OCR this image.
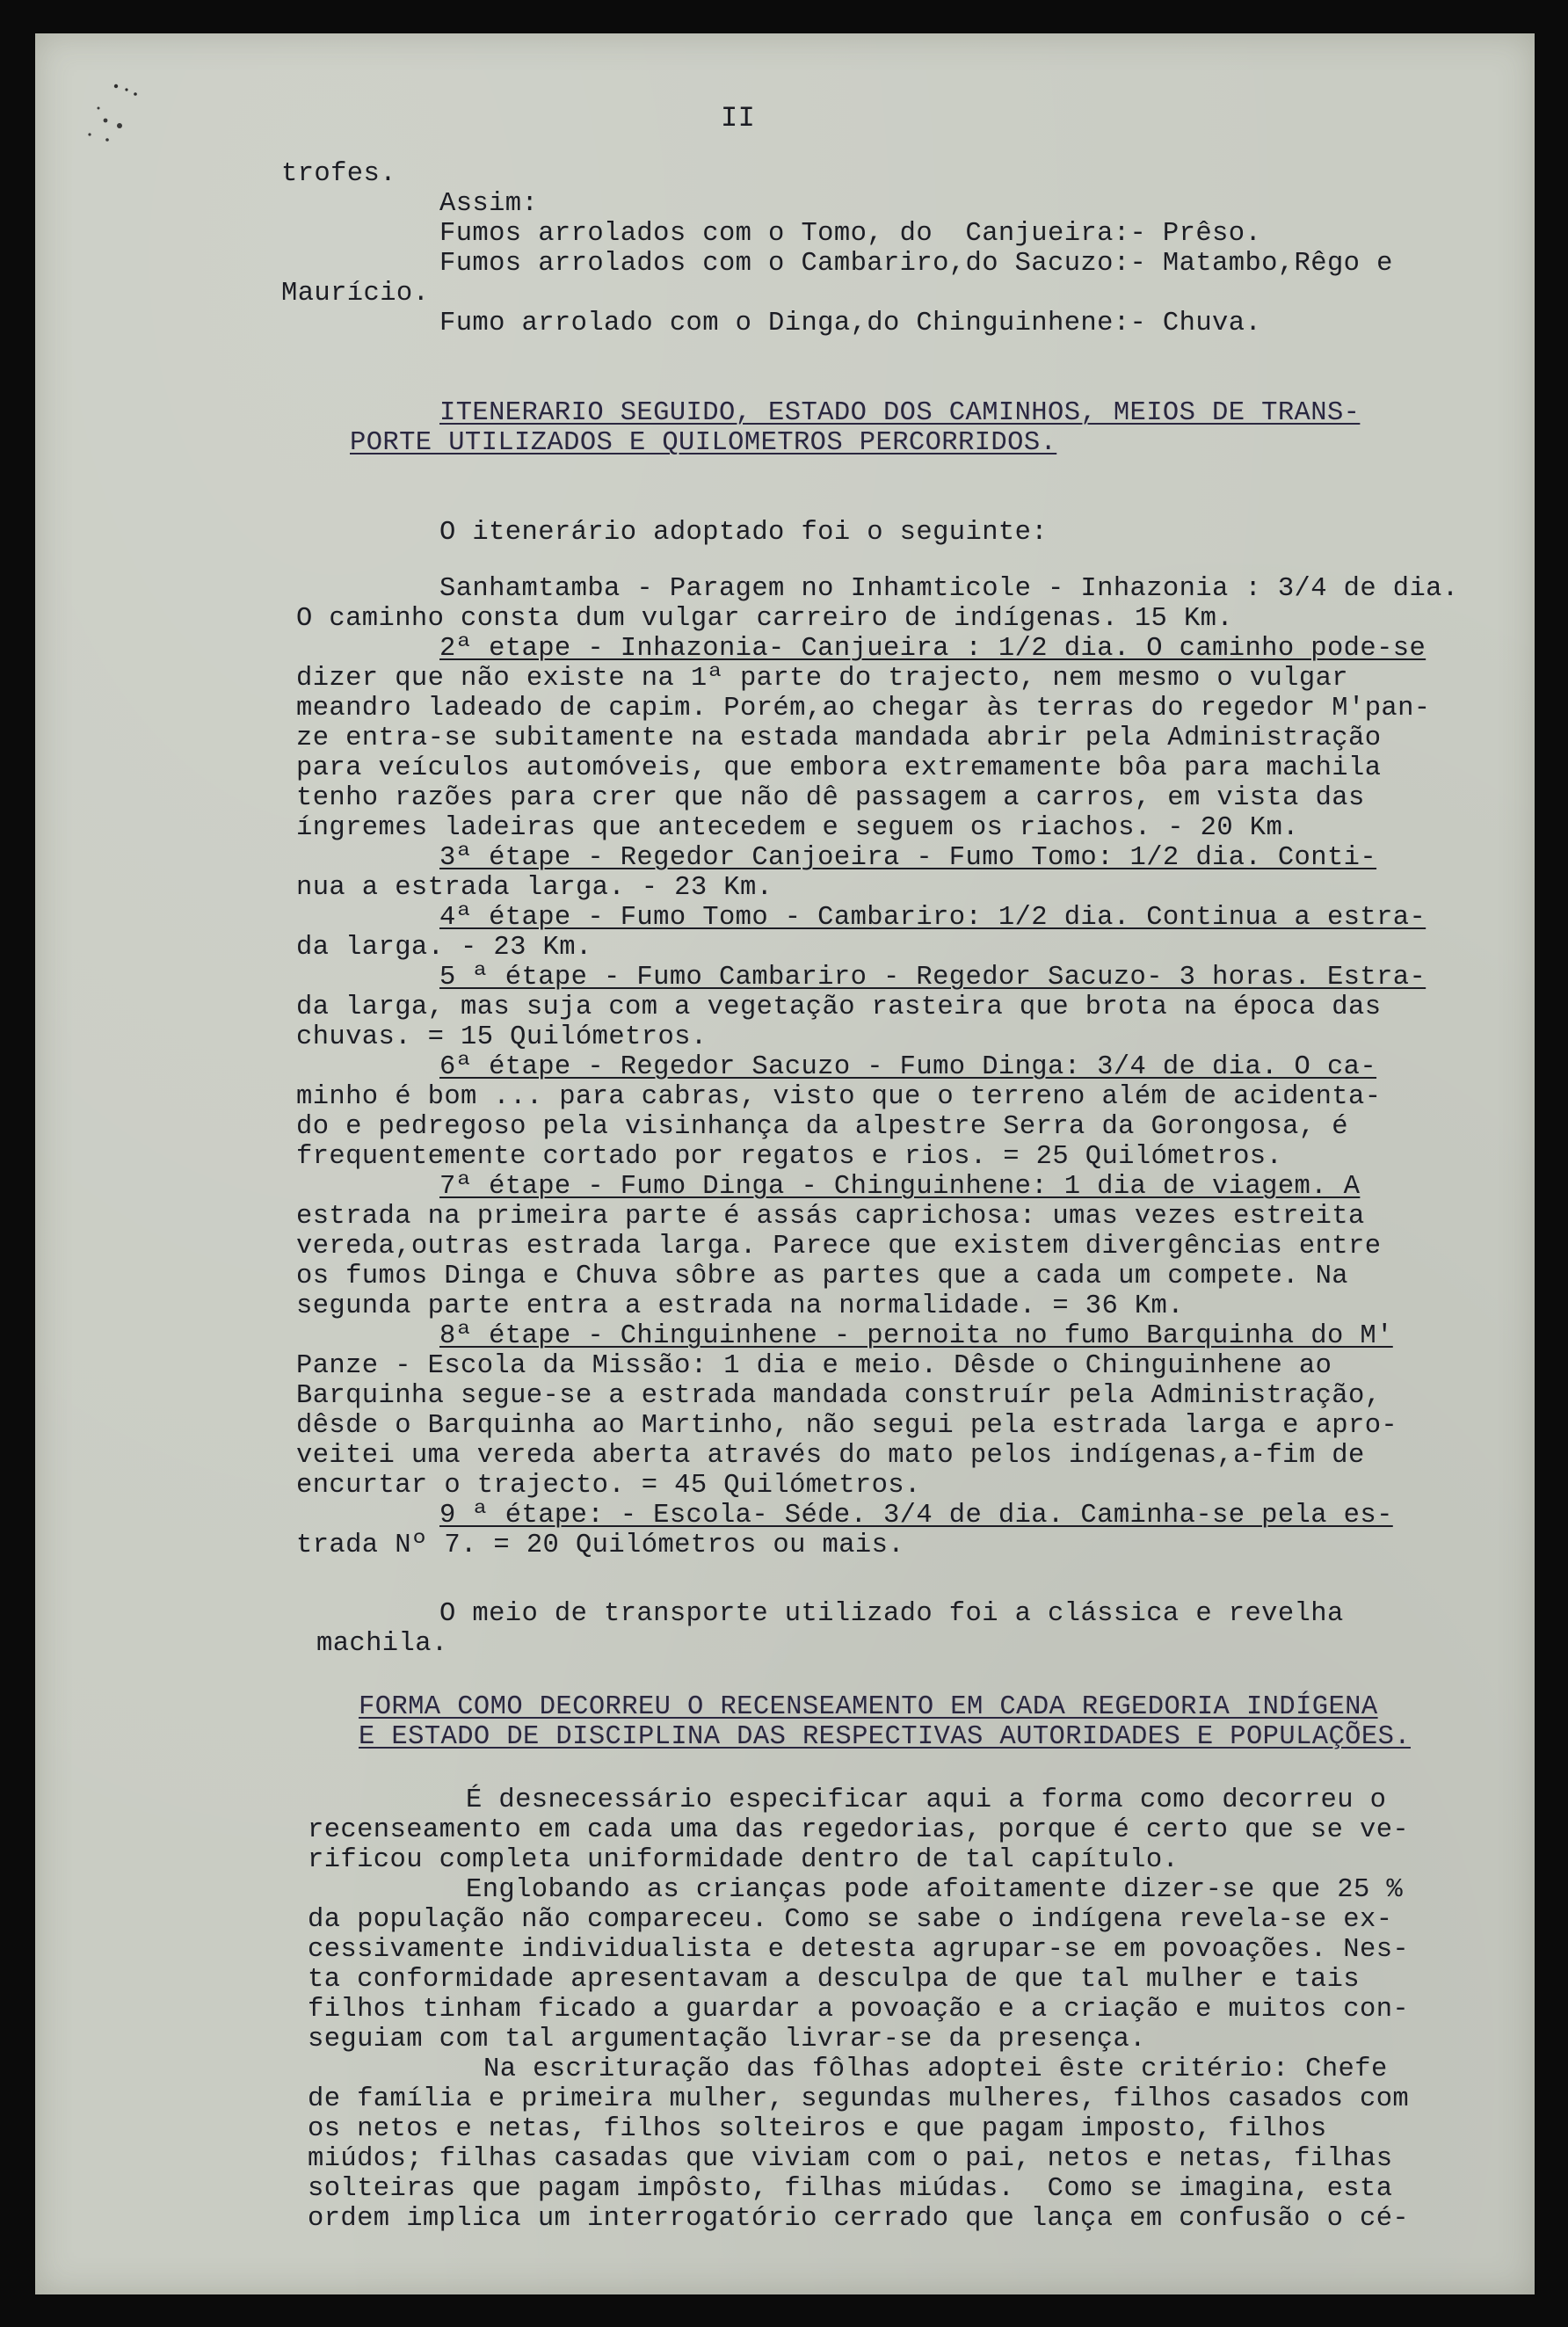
II
trofes.
Assim:
Fumos arrolados com o Tomo, do  Canjueira:- Prêso.
Fumos arrolados com o Cambariro,do Sacuzo:- Matambo,Rêgo e
Maurício.
Fumo arrolado com o Dinga,do Chinguinhene:- Chuva.
ITENERARIO SEGUIDO, ESTADO DOS CAMINHOS, MEIOS DE TRANS-
PORTE UTILIZADOS E QUILOMETROS PERCORRIDOS.
O itenerário adoptado foi o seguinte:
Sanhamtamba - Paragem no Inhamticole - Inhazonia : 3/4 de dia.
O caminho consta dum vulgar carreiro de indígenas. 15 Km.
2ª etape - Inhazonia- Canjueira : 1/2 dia. O caminho pode-se
dizer que não existe na 1ª parte do trajecto, nem mesmo o vulgar
meandro ladeado de capim. Porém,ao chegar às terras do regedor M'pan-
ze entra-se subitamente na estada mandada abrir pela Administração
para veículos automóveis, que embora extremamente bôa para machila
tenho razões para crer que não dê passagem a carros, em vista das
íngremes ladeiras que antecedem e seguem os riachos. - 20 Km.
3ª étape - Regedor Canjoeira - Fumo Tomo: 1/2 dia. Conti-
nua a estrada larga. - 23 Km.
4ª étape - Fumo Tomo - Cambariro: 1/2 dia. Continua a estra-
da larga. - 23 Km.
5 ª étape - Fumo Cambariro - Regedor Sacuzo- 3 horas. Estra-
da larga, mas suja com a vegetação rasteira que brota na época das
chuvas. = 15 Quilómetros.
6ª étape - Regedor Sacuzo - Fumo Dinga: 3/4 de dia. O ca-
minho é bom ... para cabras, visto que o terreno além de acidenta-
do e pedregoso pela visinhança da alpestre Serra da Gorongosa, é
frequentemente cortado por regatos e rios. = 25 Quilómetros.
7ª étape - Fumo Dinga - Chinguinhene: 1 dia de viagem. A
estrada na primeira parte é assás caprichosa: umas vezes estreita
vereda,outras estrada larga. Parece que existem divergências entre
os fumos Dinga e Chuva sôbre as partes que a cada um compete. Na
segunda parte entra a estrada na normalidade. = 36 Km.
8ª étape - Chinguinhene - pernoita no fumo Barquinha do M'
Panze - Escola da Missão: 1 dia e meio. Dêsde o Chinguinhene ao
Barquinha segue-se a estrada mandada construír pela Administração,
dêsde o Barquinha ao Martinho, não segui pela estrada larga e apro-
veitei uma vereda aberta através do mato pelos indígenas,a-fim de
encurtar o trajecto. = 45 Quilómetros.
9 ª étape: - Escola- Séde. 3/4 de dia. Caminha-se pela es-
trada Nº 7. = 20 Quilómetros ou mais.
O meio de transporte utilizado foi a clássica e revelha
machila.
FORMA COMO DECORREU O RECENSEAMENTO EM CADA REGEDORIA INDÍGENA
E ESTADO DE DISCIPLINA DAS RESPECTIVAS AUTORIDADES E POPULAÇÕES.
É desnecessário especificar aqui a forma como decorreu o
recenseamento em cada uma das regedorias, porque é certo que se ve-
rificou completa uniformidade dentro de tal capítulo.
Englobando as crianças pode afoitamente dizer-se que 25 %
da população não compareceu. Como se sabe o indígena revela-se ex-
cessivamente individualista e detesta agrupar-se em povoações. Nes-
ta conformidade apresentavam a desculpa de que tal mulher e tais
filhos tinham ficado a guardar a povoação e a criação e muitos con-
seguiam com tal argumentação livrar-se da presença.
Na escrituração das fôlhas adoptei êste critério: Chefe
de família e primeira mulher, segundas mulheres, filhos casados com
os netos e netas, filhos solteiros e que pagam imposto, filhos
miúdos; filhas casadas que viviam com o pai, netos e netas, filhas
solteiras que pagam impôsto, filhas miúdas.  Como se imagina, esta
ordem implica um interrogatório cerrado que lança em confusão o cé-
